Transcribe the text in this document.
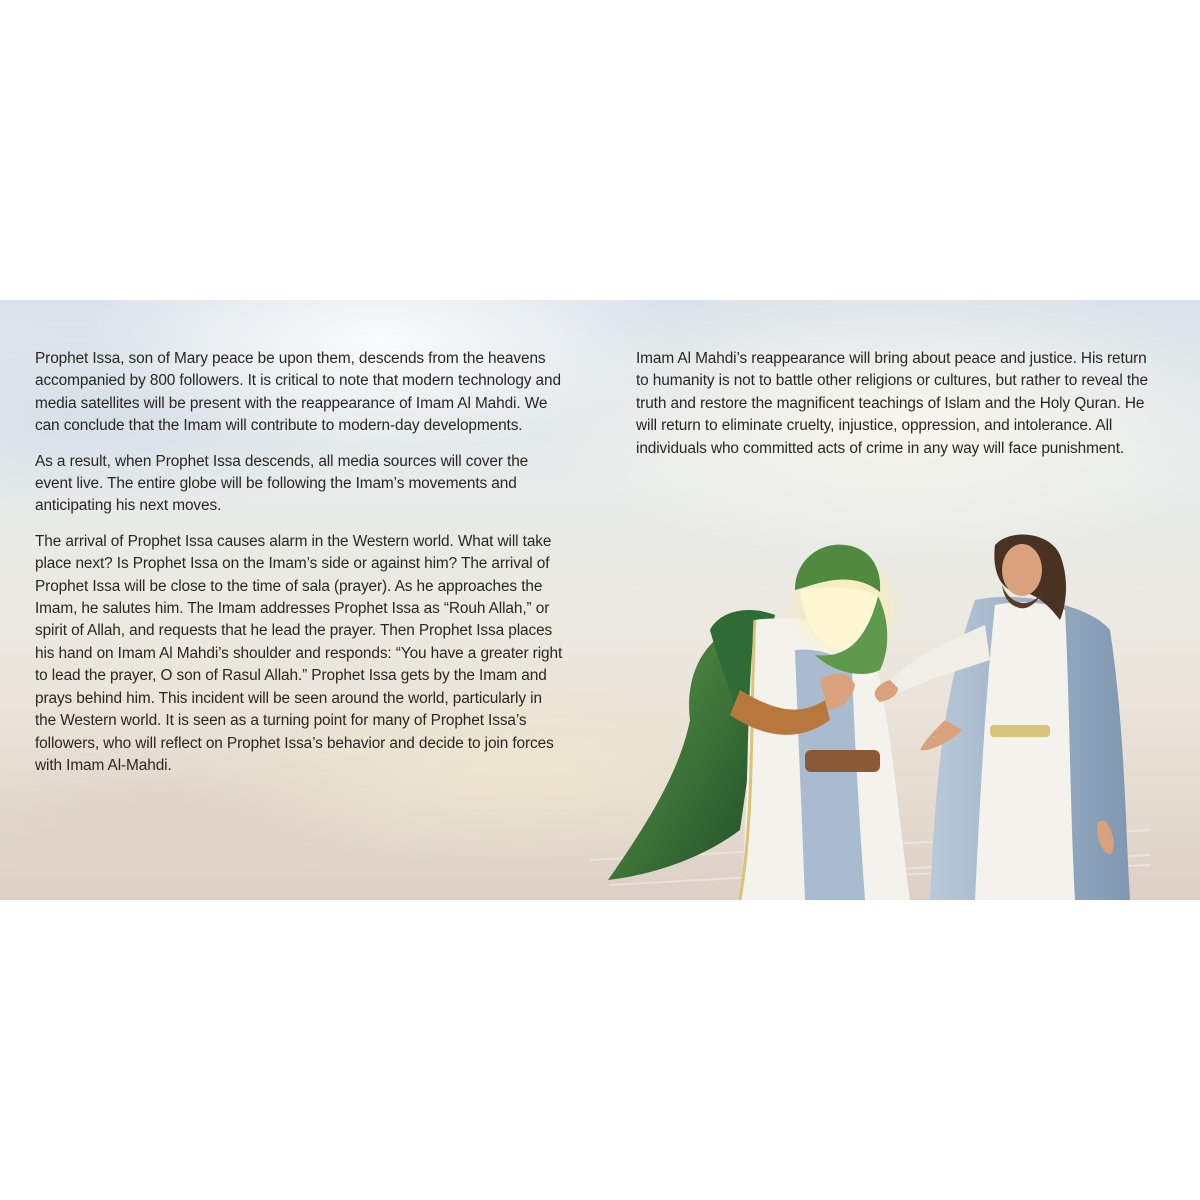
Prophet Issa, son of Mary peace be upon them, descends from the heavens accompanied by 800 followers. It is critical to note that modern technology and media satellites will be present with the reappearance of Imam Al Mahdi. We can conclude that the Imam will contribute to modern-day developments.

As a result, when Prophet Issa descends, all media sources will cover the event live. The entire globe will be following the Imam’s movements and anticipating his next moves.

The arrival of Prophet Issa causes alarm in the Western world. What will take place next? Is Prophet Issa on the Imam’s side or against him? The arrival of Prophet Issa will be close to the time of sala (prayer). As he approaches the Imam, he salutes him. The Imam addresses Prophet Issa as “Rouh Allah,” or spirit of Allah, and requests that he lead the prayer. Then Prophet Issa places his hand on Imam Al Mahdi’s shoulder and responds: “You have a greater right to lead the prayer, O son of Rasul Allah.” Prophet Issa gets by the Imam and prays behind him. This incident will be seen around the world, particularly in the Western world. It is seen as a turning point for many of Prophet Issa’s followers, who will reflect on Prophet Issa’s behavior and decide to join forces with Imam Al-Mahdi.

Imam Al Mahdi’s reappearance will bring about peace and justice. His return to humanity is not to battle other religions or cultures, but rather to reveal the truth and restore the magnificent teachings of Islam and the Holy Quran. He will return to eliminate cruelty, injustice, oppression, and intolerance. All individuals who committed acts of crime in any way will face punishment.
